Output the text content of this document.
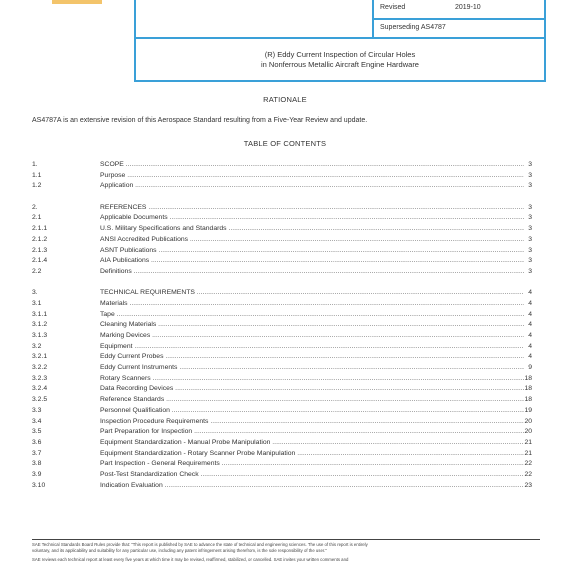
Revised	2019-10
Superseding AS4787
(R) Eddy Current Inspection of Circular Holes
in Nonferrous Metallic Aircraft Engine Hardware
RATIONALE
AS4787A is an extensive revision of this Aerospace Standard resulting from a Five-Year Review and update.
TABLE OF CONTENTS
1.	SCOPE .....	3
1.1	Purpose .....	3
1.2	Application .....	3
2.	REFERENCES .....	3
2.1	Applicable Documents .....	3
2.1.1	U.S. Military Specifications and Standards .....	3
2.1.2	ANSI Accredited Publications .....	3
2.1.3	ASNT Publications .....	3
2.1.4	AIA Publications .....	3
2.2	Definitions .....	3
3.	TECHNICAL REQUIREMENTS .....	4
3.1	Materials .....	4
3.1.1	Tape .....	4
3.1.2	Cleaning Materials .....	4
3.1.3	Marking Devices .....	4
3.2	Equipment .....	4
3.2.1	Eddy Current Probes .....	4
3.2.2	Eddy Current Instruments .....	9
3.2.3	Rotary Scanners .....	18
3.2.4	Data Recording Devices .....	18
3.2.5	Reference Standards .....	18
3.3	Personnel Qualification .....	19
3.4	Inspection Procedure Requirements .....	20
3.5	Part Preparation for Inspection .....	20
3.6	Equipment Standardization - Manual Probe Manipulation .....	21
3.7	Equipment Standardization - Rotary Scanner Probe Manipulation .....	21
3.8	Part Inspection - General Requirements .....	22
3.9	Post-Test Standardization Check .....	22
3.10	Indication Evaluation .....	23
SAE Technical Standards Board Rules provide that: "This report is published by SAE to advance the state of technical and engineering sciences. The use of this report is entirely
voluntary, and its applicability and suitability for any particular use, including any patent infringement arising therefrom, is the sole responsibility of the user."
SAE reviews each technical report at least every five years at which time it may be revised, reaffirmed, stabilized, or cancelled. SAE invites your written comments and
